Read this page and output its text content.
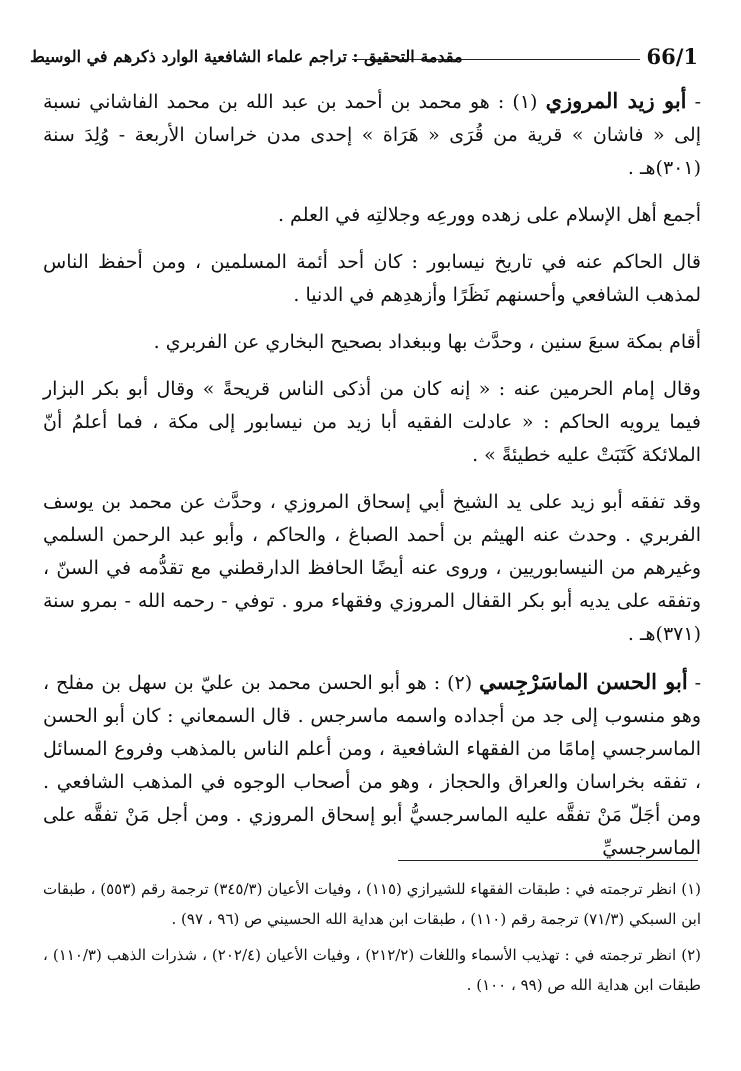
66/1
مقدمة التحقيق : تراجم علماء الشافعية الوارد ذكرهم في الوسيط

- أبو زيد المروزي (١) : هو محمد بن أحمد بن عبد الله بن محمد الفاشاني نسبة إلى « فاشان » قرية من قُرَى « هَرَاة » إحدى مدن خراسان الأربعة - وُلِدَ سنة (٣٠١)هـ .

أجمع أهل الإسلام على زهده وورعِه وجلالتِه في العلم .

قال الحاكم عنه في تاريخ نيسابور : كان أحد أئمة المسلمين ، ومن أحفظ الناس لمذهب الشافعي وأحسنهم نَظَرًا وأزهدِهم في الدنيا .

أقام بمكة سبعَ سنين ، وحدَّث بها وببغداد بصحيح البخاري عن الفربري .

وقال إمام الحرمين عنه : « إنه كان من أذكى الناس قريحةً » وقال أبو بكر البزار فيما يرويه الحاكم : « عادلت الفقيه أبا زيد من نيسابور إلى مكة ، فما أعلمُ أنّ الملائكة كَتَبَتْ عليه خطيئةً » .

وقد تفقه أبو زيد على يد الشيخ أبي إسحاق المروزي ، وحدَّث عن محمد بن يوسف الفربري . وحدث عنه الهيثم بن أحمد الصباغ ، والحاكم ، وأبو عبد الرحمن السلمي وغيرهم من النيسابوريين ، وروى عنه أيضًا الحافظ الدارقطني مع تقدُّمه في السنّ ، وتفقه على يديه أبو بكر القفال المروزي وفقهاء مرو . توفي - رحمه الله - بمرو سنة (٣٧١)هـ .

- أبو الحسن الماسَرْجِسي (٢) : هو أبو الحسن محمد بن عليّ بن سهل بن مفلح ، وهو منسوب إلى جد من أجداده واسمه ماسرجس . قال السمعاني : كان أبو الحسن الماسرجسي إمامًا من الفقهاء الشافعية ، ومن أعلم الناس بالمذهب وفروع المسائل ، تفقه بخراسان والعراق والحجاز ، وهو من أصحاب الوجوه في المذهب الشافعي . ومن أجَلّ مَنْ تفقَّه عليه الماسرجسيُّ أبو إسحاق المروزي . ومن أجل مَنْ تفقَّه على الماسرجسيِّ

(١) انظر ترجمته في : طبقات الفقهاء للشيرازي (١١٥) ، وفيات الأعيان (٣٤٥/٣) ترجمة رقم (٥٥٣) ، طبقات ابن السبكي (٧١/٣) ترجمة رقم (١١٠) ، طبقات ابن هداية الله الحسيني ص (٩٦ ، ٩٧) .

(٢) انظر ترجمته في : تهذيب الأسماء واللغات (٢١٢/٢) ، وفيات الأعيان (٢٠٢/٤) ، شذرات الذهب (١١٠/٣) ، طبقات ابن هداية الله ص (٩٩ ، ١٠٠) .
